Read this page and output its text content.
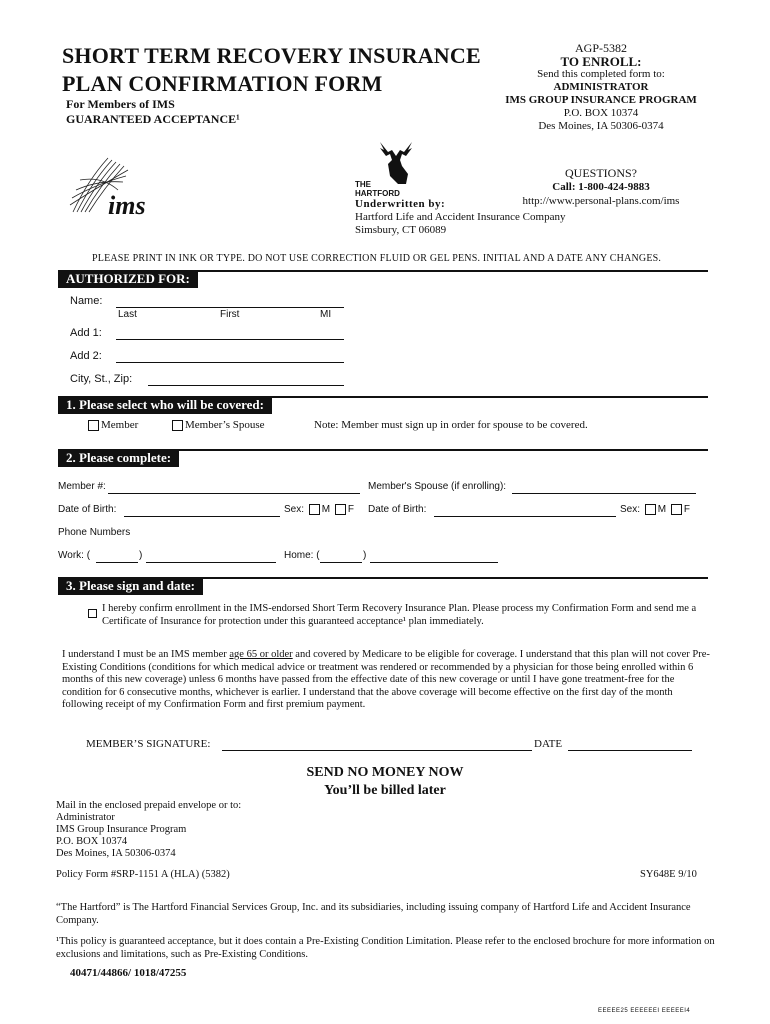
SHORT TERM RECOVERY INSURANCE
PLAN CONFIRMATION FORM
For Members of IMS
GUARANTEED ACCEPTANCE¹
AGP-5382
TO ENROLL:
Send this completed form to:
ADMINISTRATOR
IMS GROUP INSURANCE PROGRAM
P.O. BOX 10374
Des Moines, IA 50306-0374
ims
THE
HARTFORD
Underwritten by:
Hartford Life and Accident Insurance Company
Simsbury, CT 06089
QUESTIONS?
Call: 1-800-424-9883
http://www.personal-plans.com/ims
PLEASE PRINT IN INK OR TYPE. DO NOT USE CORRECTION FLUID OR GEL PENS. INITIAL AND A DATE ANY CHANGES.
AUTHORIZED FOR:
Name:
Last	First	MI
Add 1:
Add 2:
City, St., Zip:
1. Please select who will be covered:
Member	Member’s Spouse	Note: Member must sign up in order for spouse to be covered.
2. Please complete:
Member #:	Member's Spouse (if enrolling):
Date of Birth:	Sex: M F Date of Birth:	Sex: M F
Phone Numbers
Work: (	)	Home: (	)
3. Please sign and date:
I hereby confirm enrollment in the IMS-endorsed Short Term Recovery Insurance Plan. Please process my Confirmation Form and send me a Certificate of Insurance for protection under this guaranteed acceptance¹ plan immediately.
I understand I must be an IMS member age 65 or older and covered by Medicare to be eligible for coverage. I understand that this plan will not cover Pre-Existing Conditions (conditions for which medical advice or treatment was rendered or recommended by a physician for those being enrolled within 6 months of this new coverage) unless 6 months have passed from the effective date of this new coverage or until I have gone treatment-free for the condition for 6 consecutive months, whichever is earlier. I understand that the above coverage will become effective on the first day of the month following receipt of my Confirmation Form and first premium payment.
MEMBER’S SIGNATURE:	DATE
SEND NO MONEY NOW
You’ll be billed later
Mail in the enclosed prepaid envelope or to:
Administrator
IMS Group Insurance Program
P.O. BOX 10374
Des Moines, IA 50306-0374
Policy Form #SRP-1151 A (HLA) (5382)	SY648E 9/10
“The Hartford” is The Hartford Financial Services Group, Inc. and its subsidiaries, including issuing company of Hartford Life and Accident Insurance Company.
¹This policy is guaranteed acceptance, but it does contain a Pre-Existing Condition Limitation. Please refer to the enclosed brochure for more information on exclusions and limitations, such as Pre-Existing Conditions.
40471/44866/ 1018/47255
EEEEE25 EEEEEEI EEEEEI4
